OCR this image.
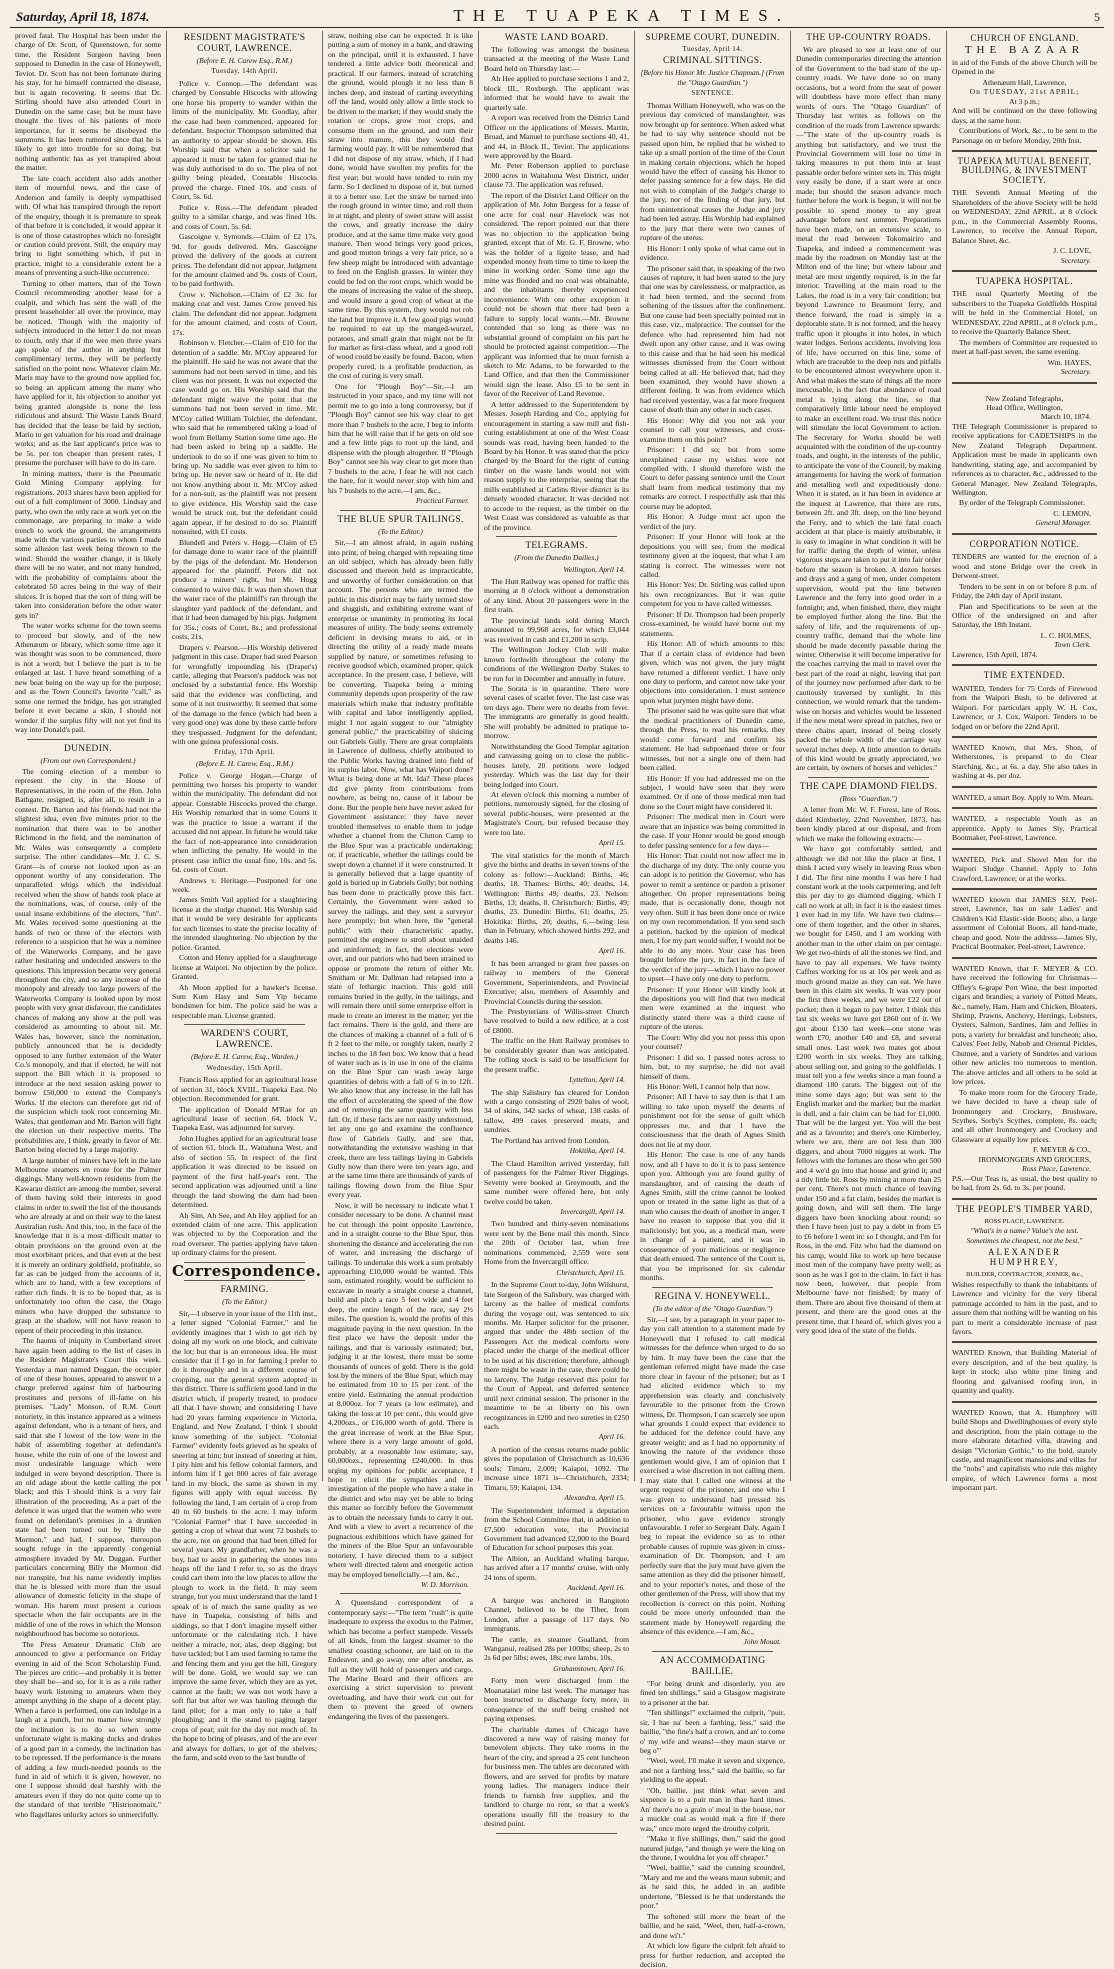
Saturday, April 18, 1874.	THE TUAPEKA TIMES.	5

proved fatal. The Hospital has been under the charge of Dr. Scott, of Queenstown, for some time, the Resident Surgeon having been supposed to Dunedin in the case of Honeywell, Teviot. Dr. Scott has not been fortunate during his stay, for he himself contracted the disease, but is again recovering. It seems that Dr. Stirling should have also attended Court in Dunedin on the same case; but he must have thought the lives of his patients of more importance, for it seems he disobeyed the summons. It has been rumored since that he is likely to get into trouble for so doing, but nothing authentic has as yet transpired about the matter.

The late coach accident also adds another item of mournful news, and the case of Anderson and family is deeply sympathised with. Of what has transpired through the report of the enquiry, though it is premature to speak of that before it is concluded, it would appear it is one of those catastrophes which no foresight or caution could prevent. Still, the enquiry may bring to light something which, if put in practice, might to a considerable extent be a means of preventing a such-like occurrence.

Turning to other matters, that of the Town Council recommending another lease for a coalpit, and which has sent the wall of the present leaseholder all over the province, may be noticed. Though with the majority of subjects introduced in the letter I do not mean to touch, only that if the wee men three years ago spoke of the author in anything but complimentary terms, they will be perfectly satisfied on the point now. Whatever claim Mr. Maris may have to the ground now applied for, so being an applicant among the many who have applied for it, his objection to another yet being granted alongside is none the less ridiculous and absurd. The Waste Lands Board has decided that the lease be laid by section, Mario to get valuation for his road and drainage works; and as the last applicant's price was to be 5s. per ton cheaper than present rates, I presume the purchaser will have to do its care.

In mining matters, there is the Pneumatic Gold Mining Company applying for registrations. 2013 shares have been applied for out of a full compliment of 3000. Lindsay and party, who own the only race at work yet on the commonage, are preparing to make a wide trench to work the ground, the arrangements made with the various parties to whom I made some allusion last week being thrown to the wind. Should the weather change, it is likely there will be no water, and not many hundred, with the probability of complaints about the celebrated 50 acres being in the way of their sluices. It is hoped that the sort of thing will be taken into consideration before the other water gets in?

The water works scheme for the town seems to proceed but slowly, and of the new Athenæum or library, which some time ago it was thought was soon to be commenced, there is not a word; but I believe the part is to be enlarged at last. I have heard something of a new boat being on the way up for the purpose; and as the Town Council's favorite "call," as some one termed the bridge, has got strangled before it ever became a skin, I should not wonder if the surplus fifty will not yet find its way into Donald's pail.

DUNEDIN.
(From our own Correspondent.)

The coming election of a member to represent the city in the House of Representatives, in the room of the Hon. John Bathgate, resigned, is, after all, to result in a contest. Dr. Barton and his friends had not the slightest idea, even five minutes prior to the nomination that there was to be another Richmond in the field, and the nomination of Mr. Wales was consequently a complete surprise. The other candidates—Mr. J. C. S. Grant—is of course not looked upon as an opponent worthy of any consideration. The unparalleled whigs which the individual received when the show of hands took place at the nominations, was, of course, only of the usual insane exhibitions of the electors, "fun". Mr. Wales received some questioning at the hands of two or three of the electors with reference to a suspicion that he was a nominee of the Waterworks Company, and he gave rather hesitating and undecided answers to the questions. This impression became very general throughout the city, and so any increase of the monopoly and already too large powers of the Waterworks Company is looked upon by most people with very great disfavour, the candidates chances of making any show at the poll was considered as amounting to about nil. Mr. Wales has, however, since the nomination, publicly announced that he is decidedly opposed to any further extension of the Water Co.'s monopoly, and that if elected, he will not support the Bill which it is proposed to introduce at the next session asking power to borrow £50,000 to extend the Company's Works. If the electors can therefore get rid of the suspicion which took root concerning Mr. Wales, that gentleman and Mr. Barton will fight the election on their respective merits. The probabilities are, I think, greatly in favor of Mr. Barton being elected by a large majority.

A large number of miners have left in the late Melbourne steamers en route for the Palmer diggings. Many well-known residents from the Kawarau district are among the number, several of them having sold their interests in good claims in order to swell the list of the thousands who are already at and on their way to the latest Australian rush. And this, too, in the face of the knowledge that it is a most difficult matter to obtain provisions on the ground even at the most exorbitant prices, and that even at the best it is merely an ordinary goldfield, profitable, so far as can be judged from the accounts of it, which are to hand, with a few exceptions of rather rich finds. It is to be hoped that, as is unfortunately too often the case, the Otago miners who have dropped the substance to grasp at the shadow, will not have reason to repent of their proceeding in this instance.

The haunts of iniquity in Cumberland street have again been adding to the list of cases in the Resident Magistrate's Court this week. Yesterday a man named Duggan, the occupier of one of these houses, appeared to answer to a charge preferred against him of harbouring prostitutes and persons of ill-fame on his premises. "Lady" Monson, of R.M. Court notoriety, in this instance appeared as a witness against defendant, who is a tenant of hers, and said that she I lowest of the low were in the habit of assembling together at defendant's house, while the ruin of one of the lowest and most undesirable language which were indulged in were beyond description. There is an old adage about the kettle calling the pot black; and this I should think is a very fair illustration of the proceeding. As a part of the defence it was urged that the women who were found on defendant's premises in a drunken state had been turned out by "Billy the Mormon," and had, I suppose, thereupon sought refuge in the apparently congenial atmosphere invaded by Mr. Duggan. Further particulars concerning Billy the Mormon did not transpire, but his name evidently implies that he is blessed with more than the usual allowance of domestic felicity in the shape of woman. His harem must present a curious spectacle when the fair occupants are in the middle of one of the rows in which the Monson neighbourhood has become so notorious.

The Press Amateur Dramatic Club are announced to give a performance on Friday evening in aid of the Scott Scholarship Fund. The pieces are critic—and probably it is better they shall be—and so, for it is as a rule rather heavy work listening to amateurs when they attempt anything in the shape of a decent play. When a farce is performed, one can indulge in a laugh at a punch, but no matter how strongly the inclination is to do so when some unfortunate wight is making ducks and drakes of a good part in a comedy, the inclination has to be repressed. If the performance is the means of adding a few much-needed pounds to the fund in aid of which it is given, however, no one I suppose should deal harshly with the amateurs even if they do not quite come up to the standard of that terrible "Histrionomaix," who flagellates unlucky actors so unmercifully.

RESIDENT MAGISTRATE'S COURT, LAWRENCE.
(Before E. H. Carew Esq., R.M.)
Tuesday, 14th April.

Police v. Connop.—The defendant was charged by Constable Hiscocks with allowing one horse his property to wander within the limits of the municipality. Mr. Goodlay, after the case had been commenced, appeared for defendant. Inspector Thompson submitted that an authority to appear should be shown. His Worship said that when a solicitor said he appeared it must be taken for granted that he was duly authorised to do so. The plea of not guilty being pleaded, Constable Hiscocks proved the charge. Fined 10s. and costs of Court, 5s. 6d.

Police v. Ross.—The defendant pleaded guilty to a similar charge, and was fined 10s. and costs of Court, 5s. 6d.

Gascoigne v. Symonds.—Claim of £2 17s. 9d. for goods delivered. Mrs. Gascoigne proved the delivery of the goods at current prices. The defendant did not appear. Judgment for the amount claimed and 9s. costs of Court, to be paid forthwith.

Crow v. Nicholson.—Claim of £2 3s. for making coat and vest. James Crow proved his claim. The defendant did not appear. Judgment for the amount claimed, and costs of Court, 17s.

Robinson v. Fletcher.—Claim of £10 for the detention of a saddle. Mr. M'Coy appeared for the plaintiff. He said he was not aware that the summons had not been served in time, and his client was not present. It was not expected the case would go on. His Worship said that the defendant might waive the point that the summons had not been served in time. Mr. M'Coy called William Tolchier, the defendant, who said that he remembered taking a load of wool from Bellamy Station some time ago. He had been asked to bring up a saddle. He undertook to do so if one was given to him to bring up. No saddle was ever given to him to bring up. He never saw or heard of it. He did not know anything about it. Mr. M'Coy asked for a non-suit, as the plaintiff was not present to give evidence. His Worship said the case would be struck out, but the defendant could again appear, if he desired to do so. Plaintiff nonsuited, with £1 costs.

Blundell and Peters v. Hogg.—Claim of £5 for damage done to water race of the plaintiff by the pigs of the defendant. Mr. Henderson appeared for the plaintiff. Peters did not produce a miners' right, but Mr. Hogg consented to waive this. It was then shown that the water race of the plaintiff's ran through the slaughter yard paddock of the defendant, and that it had been damaged by his pigs. Judgment for 35s.; costs of Court, 8s.; and professional costs, 21s.

Drapers v. Pearson.—His Worship delivered judgment in this case. Draper had sued Pearson for wrongfully impounding his (Draper's) cattle, alleging that Pearson's paddock was not enclosed by a substantial fence. His Worship said that the evidence was conflicting, and some of it not trustworthy. It seemed that some of the damage to the fence (which had been a very good one) was done by these cattle before they trespassed. Judgment for the defendant, with one guinea professional costs.

Friday, 17th April.
(Before E. H. Carew, Esq., R.M.)

Police v. George Hogan.—Charge of permitting two horses his property to wander within the municipality. The defendant did not appear. Constable Hiscocks proved the charge. His Worship remarked that in some Courts it was the practice to issue a warrant if the accused did not appear. In future he would take the fact of non-appearance into consideration when inflicting the penalty. He would in the present case inflict the usual fine, 10s. and 5s. 6d. costs of Court.

Andrews v. Heritage.—Postponed for one week.

James Smith Vail applied for a slaughtering license at the sludge channel. His Worship said that it would be very desirable for applicants for such licenses to state the precise locality of the intended slaughtering. No objection by the police. Granted.

Cotton and Henry applied for a slaughterage license at Waipori. No objection by the police. Granted.

Ah Moon applied for a hawker's license. Sum Kum Hasy and Sum Yip became bondsmen for him. The police said he was a respectable man. License granted.

WARDEN'S COURT, LAWRENCE.
(Before E. H. Carew, Esq., Warden.)
Wednesday, 15th April.

Francis Ross applied for an agricultural lease of section 31, block XVIII., Tuapeka East. No objection. Recommended for grant.

The application of Donald M'Rae for an agricultural lease of section 64, block V., Tuapeka East, was adjourned for survey.

John Hughes applied for an agricultural lease of section 61, block II., Waitahuna West, and also of section 55. In respect of the first application it was directed to be issued on payment of the first half-year's rent. The second application was adjourned until a line through the land showing the dam had been determined.

Ah Sim, Ah See, and Ah Hey applied for an extended claim of one acre. This application was objected to by the Corporation and the road overseer. The parties applying have taken up ordinary claims for the present.

Correspondence.
FARMING.
(To the Editor.)

Sir,—I observe in your issue of the 11th inst., a letter signed "Colonial Farmer," and he evidently imagines that I wish to get rich by doing all my work on one block, and cultivate the lot; but that is an erroneous idea. He must consider that if I go in for farming I prefer to do it thoroughly and in a different course of cropping, not the general system adopted in this district. There is sufficient good land in the district which, if properly treated, to produce all that I have shown; and considering I have had 20 years farming experience in Victoria, England, and New Zealand, I think I should know something of the subject. "Colonial Farmer" evidently feels grieved as he speaks of sneering at him; but instead of sneering at him, I pity him and his fellow colonial farmers, and inform him if I get 800 acres of fair average land in my block, the same as shown in my figures will apply with equal success. By following the land, I am certain of a crop from 40 to 60 bushels to the acre. I may inform "Colonial Farmer" that I have succeeded in getting a crop of wheat that went 72 bushels to the acre, not on ground that had been tilled for several years. My grandfather, when he was a boy, had to assist in gathering the stones into heaps off the land I refer to, so as the drays could cart them into the low places to allow the plough to work in the field. It may seem strange, but you must understand that the land I speak of is of much the same quality as we have in Tuapeka, consisting of hills and siddings, so that I don't imagine myself either unfortunate or the calculating rich. I have neither a miracle, nor, alas, deep digging; but have tackled; but I am used farming to tame the and fencing them and you get the hill, Gregory will be done. Gold, we would say we can improve the same fever, which they are as yet, cannot at the fault; we was not work have a soft flat but after we was hauling through the land pilot; for a man only to take a half ploughing; and it the stand to paging larger crops of peat; suit for the day not much of. In the hope to bring of pleases, and of the are ever and always for dollars, to get of the shelves; the farm, and sold even to the last bundle of

straw, nothing else can be expected. It is like putting a sum of money in a bank, and drawing on the principal, until it is exhausted. I have tendered a little advice both theoretical and practical. If our farmers, instead of scratching the ground, would plough it no less than 8 inches deep, and instead of carting everything off the land, would only allow a little stock to be driven to the market; if they would study the rotation or crops, grow root crops, and consume them on the ground, and turn their straw into manure, this they would find farming would pay. It will be remembered that I did not dispose of my straw, which, if I had done, would have swollen my profits for the first year; but would have tended to ruin my farm. So I declined to dispose of it, but turned it to a better use. Let the straw be turned into the rough ground in winter time, and roll them in at night, and plenty of sweet straw will assist the cows, and greatly increase the dairy produce, and at the same time make very good manure. Then wood brings very good prices, and good mutton brings a very fair price, so a few sheep might be introduced with advantage to feed on the English grasses. In winter they could be fed on the root crops, which would be the means of increasing the value of the sheep, and would insure a good crop of wheat at the same time. By this system, they would not rob the land but improve it. A few good pigs would be required to eat up the manged-wurzel, potatoes, and small grain that might not be fit for market as first-class wheat, and a good roll of wood could be easily be found. Bacon, when properly cured, is a profitable production, as the cost of curing is very small.

One for "Plough Boy"—Sir,—I am instructed in your space, and my time will not permit me to go into a long controversy, but if "Plough Boy" cannot see his way clear to get more than 7 bushels to the acre, I beg to inform him that he will raise that if he gets on old soe and a few little pigs to root up the land, and dispense with the plough altogether. If "Plough Boy" cannot see his way clear to get more than 7 bushels to the acre, I fear he will not catch the hare, for it would never stop with him and his 7 bushels to the acre.—I am, &c.,

Practical Farmer.
THE BLUE SPUR TAILINGS.
(To the Editor.)

Sir,—I am almost afraid, in again rushing into print, of being charged with repeating time an old subject, which has already been fully discussed and thereon held as impracticable, and unworthy of further consideration on that account. The persons who are termed the public in this district may be fairly termed slow and sluggish, and exhibiting extreme want of enterprise or unanimity in promoting its local measures of utility. The body seems extremely deficient in devising means to aid, or in directing the utility of a ready made means supplied by nature, or sometimes refusing to receive goodsof which, examined proper, quick acceptance. In the present case, I believe, will be converting. Tuapeka being a mining community depends upon prosperity of the raw materials which make that industry profitable with capital and labor intelligently applied, might I not again suggest to our "almighty general public," the practicability of sluicing out Gabriels Gully. There are great complaints in Lawrence of dullness, chiefly attributed to the Public Works having drained into field of its surplus labor. Now, what has Waipori done? What is being done at Mt. Ida? These places did give plenty from contributions from nowhere, as being no, cause of it labour be done. But the people here have never asked for Government assistance: they have never troubled themselves to enable them to judge whether a channel from the Clutton Camp to the Blue Spur was a practicable undertaking; or, if practicable, whether the tailings could be swept down a channel if it were constructed. It is generally believed that a large quantity of gold is buried up in Gabriels Gully; but nothing has been done to practically prove this fact. Certainly, the Government were asked to survey the tailings, and they sent a surveyor here promptly; but when here, the "general public" with their characteristic apathy, permitted the engineer to stroll about unaided and uninformed; in fact, the elections were over, and our patriots who had been strained to oppose or promote the return of either Mr. Smitham or Mr. Dallman had relapsed into a state of lethargic inaction. This gold still remains buried in the gully, in the tailings, and will remain there until some enterprise effort is made to create an interest in the matter; yet the fact remains. There is the gold, and there are the chances of making a channel of a full of 6 ft 2 feet to the mile, or roughly taken, nearly 2 inches to the 18 feet box. We know that a head of water such as is in use in one of the claims on the Blue Spur can wash away large quantities of debris with a fall of 6 in to 12ft. We also know that any increase in the fall has the effect of accelerating the speed of the flow and of removing the same quantity with less fall. Or, if these facts are not easily understood, let any one go and examine the confluence flow of Gabriels Gully, and see that, notwithstanding the extensive washing in that creek, there are less tailings laying in Gabriels Gully now than there were ten years ago, and at the same time there are thousands of yards of tailings flowing down from the Blue Spur every year.

Now, it will be necessary to indicate what I consider necessary to be done. A channel must be cut through the point opposite Lawrence, and in a straight course to the Blue Spur, thus shortening the distance and accelerating the run of water, and increasing the discharge of tailings. To undertake this work a sum probably approaching £10,000 would be wanted. This sum, estimated roughly, would be sufficient to excavate in nearly a straight course a channel, build and pitch a race 5 feet wide and 4 feet deep, the entire length of the race, say 2½ miles. The question is, would the profits of this magnitude paying in the next question. In the first place we have the deposit under the tailings, and that is variously estimated; but, judging it at the lowest, there must be some thousands of ounces of gold. There is the gold lost by the miners of the Blue Spur, which may be estimated from 10 to 15 per cent. of the entire yield. Estimating the annual production at 8,000oz. for 7 years (a low estimate), and taking the loss at 10 per cent., this would give 4,200ozs., or £16,000 worth of gold. There is the great increase of work at the Blue Spur, where there is a very large amount of gold, probably, at a reasonable low estimate, say, 60,000ozs., representing £240,000. In thus urging my opinions for public acceptance, I hope to elicit the sympathies and the investigation of the people who have a stake in the district and who may yet be able to bring this matter so forcibly before the Government as to obtain the necessary funds to carry it out. And with a view to avert a recurrence of the pugnacious exhibitions which have gained for the miners of the Blue Spur an unfavourable notoriety, I have directed them to a subject where well directed talent and energetic action may be employed beneficially.—I am, &c.,

W. D. Morrison.

A Queensland correspondent of a contemporary says:—"The term "rush" is quite inadequate to express the exodus to the Palmer, which has become a perfect stampede. Vessels of all kinds, from the largest steamer to the smallest coasting schooner, are laid on to the Endeavor, and go away, one after another, as full as they will hold of passengers and cargo. The Marine Board and their officers are exercising a strict supervision to prevent overloading, and have their work cut out for them to prevent the greed of owners endangering the lives of the passengers.

WASTE LAND BOARD.

The following was amongst the business transacted at the meeting of the Waste Land Board held on Thursday last:—

Ah Hee applied to purchase sections 1 and 2, block III., Roxburgh. The applicant was informed that he would have to await the quarterly sale.

A report was received from the District Land Officer on the applications of Messrs. Martin, Broad, and Manuel to purchase sections 40, 41, and 44, in Block II., Teviot. The applications were approved by the Board.

Mr. Peter Robertson applied to purchase 2000 acres in Waitahuna West District, under clause 73. The application was refused.

The report of the District Land Officer on the application of Mr. John Burgess for a lease of one acre for coal near Havelock was not considered. The report pointed out that there was no objection to the application being granted, except that of Mr. G. F. Browne, who was the holder of a lignite lease, and had expended money from time to time to keep the mine in working order. Some time ago the mine was flooded and no coal was obtainable, and the inhabitants thereby experienced inconvenience. With one other exception it could not be shown that there had been a failure to supply local wants.—Mr. Browne contended that so long as there was no substantial ground of complaint on his part he should be protected against competition.—The applicant was informed that he must furnish a sketch to Mr. Adams, to be forwarded to the Land Office, and that then the Commissioner would sign the lease. Also £5 to be sent in favor of the Receiver of Land Revenue.

A letter addressed to the Superintendent by Messrs. Joseph Harding and Co., applying for encouragement in starting a saw mill and fish-curing establishment at one of the West Coast sounds was read, having been handed to the Board by his Honor. It was stated that the price charged by the Board for the right of cutting timber on the waste lands would not with reason supply to the enterprise, seeing that the mills established at Catlins River district is its densely wooded character. It was decided not to accede to the request, as the timber on the West Coast was considered as valuable as that of the province.

TELEGRAMS.
(From the Dunedin Dailies.)
Wellington, April 14.

The Hutt Railway was opened for traffic this morning at 8 o'clock without a demonstration of any kind. About 20 passengers were in the first train.

The provincial lands sold during March amounted to 99,968 acres, for which £3,044 was received in cash and £1,200 in scrip.

The Wellington Jockey Club will make known forthwith throughout the colony the conditions of the Wellington Derby Stakes to be run for in December and annually in future.

The Sorata is in quarantine. There were several cases of scarlet fever. The last case was ten days ago. There were no deaths from fever. The immigrants are generally in good health. She will probably be admitted to pratique to-morrow.

Notwithstanding the Good Templar agitation and canvassing going on to close the public-houses lately, 20 petitions were lodged yesterday. Which was the last day for their being lodged into Court.

At eleven o'clock this morning a number of petitions, numerously signed, for the closing of several public-houses, were presented at the Magistrate's Court, but refused because they were too late.

April 15.

The vital statistics for the month of March give the births and deaths in seven towns of the colony as follow:—Auckland: Births, 46; deaths, 18. Thames: Births, 40; deaths, 14. Wellington: Births 49; deaths, 23. Nelson: Births, 13; deaths, 8. Christchurch: Births, 49; deaths, 23. Dunedin: Births, 61; deaths, 25. Hokitika: Births, 20; deaths, 6.—being less than in February, which showed births 292, and deaths 146.

April 16.

It has been arranged to grant free passes on railway to members of the General Government, Superintendents, and Provincial Executive; also, members of Assembly and Provincial Councils during the session.

The Presbyterians of Willis-street Church have resolved to build a new edifice, at a cost of £8000.

The traffic on the Hutt Railway promises to be considerably greater than was anticipated. The rolling stock is said to be insufficient for the present traffic.

Lyttelton, April 14.

The ship Salisbury has cleared for London with a cargo consisting of 2920 bales of wool, 34 of skins, 342 sacks of wheat, 138 casks of tallow, 499 cases preserved meats, and sundries.

The Portland has arrived from London.

Hokitika, April 14.

The Claud Hamilton arrived yesterday, full of passengers for the Palmer River Diggings. Seventy were booked at Greymouth, and the same number were offered here, but only twelve could be taken.

Invercargill, April 14.

Two hundred and thirty-seven nominations were sent by the Bene mail this month. Since the 20th of October last, when free nominations commenced, 2,559 were sent Home from the Invercargill office.

Christchurch, April 15.

In the Supreme Court to-day, John Wilshurst, late Surgeon of the Salisbury, was charged with larceny as the bailee of medical comforts during the voyage out, was sentenced to six months. Mr. Harper solicitor for the prisoner, argued that under the 48th section of the Passengers Act the medical comforts were placed under the charge of the medical officer to be used at his discretion; therefore, although there might be waste in the case, there could be no larceny. The Judge reserved this point for the Court of Appeal, and deferred sentence until next criminal session. The prisoner in the meantime to be at liberty on his own recognizances in £200 and two sureties in £250 each.

April 16.

A portion of the census returns made public gives the population of Christchurch as 10,636 souls; Timaru, 2,009; Kaiapoi, 1092. The increase since 1871 is—Christchurch, 2334; Timaru, 59; Kaiapoi, 134.

Alexandra, April 15.

The Superintendent informed a deputation from the School Committee that, in addition to £7,500 education vote, the Provincial Government had advanced £2,000 to the Board of Education for school purposes this year.

The Albion, an Auckland whaling barque, has arrived after a 17 months' cruise, with only 24 tons of sperm.

Auckland, April 16.

A barque was anchored in Rangitoto Channel, believed to be the Tiber, from London, after a passage of 117 days. No immigrants.

The cattle, ex steamer Goalland, from Wanganui, realised 28s per 100lbs; sheep, 2s to 2s 6d per 5lbs; ewes, 18s; ewe lambs, 10s.

Grahamstown, April 16.

Forty men were discharged from the Moanataiari mine last week. The manager has been instructed to discharge forty more, in consequence of the stuff being crushed not paying expenses.

The charitable dames of Chicago have discovered a new way of raising money for benevolent objects. They take rooms in the heart of the city, and spread a 25 cent luncheon for business men. The tables are decorated with flowers, and are served for profits by mature young ladies. The managers induce their friends to furnish free supplies, and the landlord to charge no rent, so that a week's operations usually fill the treasury to the desired point.

SUPREME COURT, DUNEDIN.
Tuesday, April 14.
CRIMINAL SITTINGS.
[Before his Honor Mr. Justice Chapman.] (From the "Otago Guardian.")
SENTENCE.

Thomas William Honeywell, who was on the previous day convicted of manslaughter, was now brought up for sentence. When asked what he had to say why sentence should not be passed upon him, he replied that he wished to take up a small portion of the time of the Court in making certain objections, which he hoped would have the effect of causing his Honor to defer passing sentence for a few days. He did not wish to complain of the Judge's charge to the jury, nor of the finding of that jury, but from unintentional causes the Judge and jury had been led astray. His Worship had explained to the jury that there were two causes of rupture of the uterus.

His Honor: I only spoke of what came out in evidence.

The prisoner said that, in speaking of the two causes of rupture, it had been stated to the jury that one was by carelessness, or malpractice, as it had been termed, and the second from softening of the tissues after the confinement. But one cause had been specially pointed out in this case, viz., malpractice. The counsel for the defence who had represented him had not dwelt upon any other cause, and it was owing to this cause and that he had seen his medical witnesses dismissed from the Court without being called at all. He believed that, had they been examined, they would have shown a different feeling. It was from evidence which had received yesterday, was a far more frequent cause of death than any other in such cases.

His Honor: Why did you not ask your counsel to call your witnesses, and cross-examine them on this point?

Prisoner: I did so; but from some unexplained cause my wishes were not complied with. I should therefore wish the Court to defer passing sentence until the Court shall learn from medical testimony that my remarks are correct. I respectfully ask that this course may be adopted.

His Honor: A Judge must act upon the verdict of the jury.

Prisoner: If your Honor will look at the depositions you will see, from the medical testimony given at the inquest, that what I am stating is correct. The witnesses were not called.

His Honor: Yes; Dr. Stirling was called upon his own recognizances. But it was quite competent for you to have called witnesses.

Prisoner: If Dr. Thompson had been properly cross-examined, he would have borne out my statements.

His Honor: All of which amounts to this: That if a certain class of evidence had been given, which was not given, the jury might have returned a different verdict. I have only one duty to perform, and cannot now take your objections into consideration. I must sentence upon what jurymen might have done.

The prisoner said he was quite sure that what the medical practitioners of Dunedin came, through the Press, to read his remarks, they would come forward and confirm his statement. He had subpoenaed three or four witnesses, but not a single one of them had been called.

His Honor: If you had addressed me on the subject, I would have seen that they were examined. Or if one of those medical men had done so the Court might have considered it.

Prisoner: The medical men in Court were aware that an injustice was being committed in the case. If your Honor would be good enough to defer passing sentence for a few days—

His Honor: That could not now affect me in the discharge of my duty. The only course you can adopt is to petition the Governor, who has power to remit a sentence or pardon a prisoner altogether. On proper representations being made, that is occasionally done, though not very often. Still it has been done once or twice on my own recommendation. If you send such a petition, backed by the opinion of medical men, I for my part would suffer, I would not be able to do any more. Your case has been brought before the jury, in fact in the face of the verdict of the jury—which I have no power to upset—I have only one duty to perform.

Prisoner: If your Honor will kindly look at the depositions you will find that two medical men were examined at the inquest who distinctly stated there was a third cause of rupture of the uterus.

The Court: Why did you not press this upon your counsel?

Prisoner: I did so. I passed notes across to him, but, to my surprise, he did not avail himself of them.

His Honor: Well, I cannot help that now.

Prisoner: All I have to say then is that I am willing to take upon myself the deserts of punishment not for the sense of guilt which oppresses me, and that I have the consciousness that the death of Agnes Smith does not lie at my door.

His Honor: The case is one of any hands now, and all I have to do it is to pass sentence upon you. Although you are found guilty of manslaughter, and of causing the death of Agnes Smith, still the crime cannot be looked upon or treated in the same light as that of a man who causes the death of another in anger. I have no reason to suppose that you did it maliciously; but you, as a medical man, were in charge of a patient, and it was in consequence of your malicious or negligence that death ensued. The sentence of the Court is, that you be imprisoned for six calendar months.

REGINA V. HONEYWELL.
(To the editor of the "Otago Guardian.")

Sir,—I see, by a paragraph in your paper to-day you call attention to a statement made by Honeywell that I refused to call medical witnesses for the defence when urged to do so by him. It may have been the case that the gentleman referred might have made the case more clear in favour of the prisoner; but as I had elicited evidence which to my apprehension was clearly and conclusively favourable to the prisoner from the Crown witness, Dr. Thompson, I can scarcely see upon what grounds I could expect that evidence to be adduced for the defence could have any greater weight; and as I had no opportunity of knowing the nature of the evidence those gentlemen would give, I am of opinion that I exercised a wise discretion in not calling them. I may state that I called one witness at the urgent request of the prisoner, and one who I was given to understand had pressed his services on a favourable witness upon the prisoner, who gave evidence strongly unfavourable. I refer to Sergeant Daly. Again I beg to repeat the evidence so as to other probable causes of rupture was given in cross-examination of Dr. Thompson, and I am perfectly sure that the jury must have given the same attention as they did the prisoner himself, and to your reporter's notes, and those of the other gentlemen of the Press, will show that my recollection is correct on this point. Nothing could be more utterly unfounded than the statement made by Honeywell regarding the absence of this evidence.—I am, &c.,

John Mouat.
AN ACCOMMODATING BAILLIE.

"For being drunk and disorderly, you are fined ten shillings," said a Glasgow magistrate to a prisoner at the bar.

"Ten shillings!" exclaimed the culprit, "puir, sir, I hae na' been a farthing, less," said the baillie, "the fine's half a crown, and an' to come o' my wife and weans!—they maun starve or beg o'"

"Weel, weel, I'll make it seven and sixpence, and not a farthing less," said the baillie, so far yielding to the appeal.

"Oh, baillie, just think what seven and sixpence is to a puir man in thae hard times. An' there's no a grain o' meal in the house, nor a muckle coal as would mak a fire if there was," once more urged the drouthy culprit.

"Make it five shillings, then," said the good natured judge, "and though ye were the king on the throne, I wouldna let you off cheaper."

"Weel, baillie," said the cunning scoundrel, "Mary and me and the weans maun submit; and as he said this, he added in an audible undertone, "Blessed is he that understands the poor."

The softened still more the heart of the baillie, and he said, "Weel, then, half-a-crown, and done wi't."

At which low figure the culprit felt afraid to press for further reduction, and accepted the decision.

THE UP-COUNTRY ROADS.

We are pleased to see at least one of our Dunedin contemporaries directing the attention of the Government to the bad state of the up-country roads. We have done so on many occasions, but a word from the seat of power will doubtless have more effect than many words of ours. The "Otago Guardian" of Thursday last writes as follows on the condition of the roads from Lawrence upwards:—"The state of the up-country roads is anything but satisfactory, and we trust the Provincial Government will lose no time in taking measures to put them into at least passable order before winter sets in. This might very easily be done, if a start were at once made; but should the season advance much further before the work is begun, it will not be possible to spend money to any great advantage before next summer. Preparations have been made, on an extensive scale, to metal the road between Tokomairiro and Tuapeka, and indeed a commencement was made by the roadmen on Monday last at the Milton end of the line; but where labour and metal are most urgently required, is in the far interior. Travelling at the main road to the Lakes, the road is in a very fair condition; but beyond Lawrence to Beaumont ferry, and thence forward, the road is simply in a deplorable state. It is not formed, and the heavy traffic upon it ploughs it into holes, in which water lodges. Serious accidents, involving loss of life, have occurred on this line, some of which are traceable to the deep ruts and pitfalls to be encountered almost everywhere upon it. And what makes the state of things all the more inexcusable, is the fact that abundance of road metal is lying along the line, so that comparatively little labour need be employed to make an excellent road. We trust this notice will stimulate the local Government to action. The Secretary for Works should be well acquainted with the condition of the up-country roads, and ought, in the interests of the public, to anticipate the vote of the Council, by making arrangements for having the work of formation and metalling well and expeditiously done. When it is stated, as it has been in evidence at the inquest at Lawrence, that there are ruts, between 2ft. and 3ft. deep, on the line beyond the Ferry, and to which the late fatal coach accident at that place is mainly attributable, it is easy to imagine in what condition it will be for traffic during the depth of winter, unless vigorous steps are taken to put it into fair order before the season is broken. A dozen horses and drays and a gang of men, under competent supervision, would put the line between Lawrence and the ferry into good order in a fortnight; and, when finished, there, they might be employed further along the line. But the safety of life, and the requirements of up-country traffic, demand that the whole line should be made decently passable during the winter. Otherwise it will become imperative for the coaches carrying the mail to travel over the best part of the road at night, leaving that part of the journey now performed after dark to be cautiously traversed by sunlight. In this connection, we would remark that the tandem-wise on horses and vehicles would be lessened if the new metal were spread in patches, two or three chains apart, instead of being closely packed the whole width of the carriage way several inches deep. A little attention to details of this kind would be greatly appreciated, we are certain, by owners of horses and vehicles."

THE CAPE DIAMOND FIELDS.
(Ross "Guardian.")

A letter from Mr. W. F. Forest, late of Ross, dated Kimberley, 22nd November, 1873, has been kindly placed at our disposal, and from which we make the following extracts:—

We have got comfortably settled, and although we did not like the place at first, I think I acted very wisely in leaving Ross when I did. The first nine months I was here I had constant work at the tools carpentering, and left this per day to go diamond digging, which I call no work at all; in fact it is the easiest times I ever had in my life. We have two claims—one of them together, and the other in shares, we bought for £450, and I am working with another man in the other claim on per centage. We get two-thirds of all the stones we find, and have to pay all expenses. We have twenty Caffres working for us at 10s per week and as much ground maize as they can eat. We have been in this claim six weeks. It was very poor the first three weeks, and we were £22 out of pocket; then it began to pay better. I think this last six weeks we have got £860 out of it. We got about £130 last week—one stone was worth £70, another £40 and £8, and several small ones. Last week two mates got about £200 worth in six weeks. They are talking about selling out, and going to the goldfields. I must tell you a few weeks since a man found a diamond 180 carats. The biggest out of the mine some days ago; but was sent to the English market and the market; but the market is dull, and a fair claim can be had for £1,000. That will be the largest yet. You will the best and as a favourite; and there's one Kimberley, where we are, there are not less than 300 diggers, and about 7000 niggers at work. The fellows with the fortunes are those who get 500 and 4 we'd go into that house and grind it; and a tidy little bit. Ross by mining at more than 25 per cent. There's not much chance of leaving under 150 and a fat claim, besides the market is going down, and will sell them. The large diggers have been knocking about round; so then I have been just to pay a debt in from £5 to £6 before I went in: so I thought, and I'm for Ross, in the end. Fitz who had the diamond on his camp, would like to work up here because most men of the company have pretty well; as soon as he was I got to the claim. In fact it has now been, however, that people from Melbourne have not finished; by many of them. There are about five thousand of them at present, and there are the good ones at the present time, that I heard of, which gives you a very good idea of the state of the fields.

CHURCH OF ENGLAND.
THE BAZAAR

in aid of the Funds of the above Church will be Opened in the

Athenæum Hall, Lawrence,
On TUESDAY, 21st APRIL;
At 3 p.m.;

And will be continued on the three following days, at the same hour.

Contributions of Work, &c., to be sent to the Parsonage on or before Monday, 20th Inst.

TUAPEKA MUTUAL BENEFIT, BUILDING, & INVESTMENT SOCIETY.

THE Seventh Annual Meeting of the Shareholders of the above Society will be held on WEDNESDAY, 22nd APRIL, at 8 o'clock p.m., in the Commercial Assembly Rooms, Lawrence, to receive the Annual Report, Balance Sheet, &c.

J. C. LOVE,
Secretary.
TUAPEKA HOSPITAL.

THE usual Quarterly Meeting of the subscribers to the Tuapeka Goldfields Hospital will be held in the Commercial Hotel, on WEDNESDAY, 22nd APRIL, at 8 o'clock p.m., to receive the Quarterly Balance Sheet.

The members of Committee are requested to meet at half-past seven, the same evening.

Wm. HAYES,
Secretary.
New Zealand Telegraphs,
Head Office, Wellington,
March 10, 1874.

THE Telegraph Commissioner is prepared to receive applications for CADETSHIPS in the New Zealand Telegraph Department. Application must be made in applicants own handwriting, stating age, and accompanied by references as to character, &c., addressed to the General Manager, New Zealand Telegraphs, Wellington.

By order of the Telegraph Commissioner.

C. LEMON,
General Manager.
CORPORATION NOTICE.

TENDERS are wanted for the erection of a wood and stone Bridge over the creek in Derwent-street.

Tenders to be sent in on or before 8 p.m. of Friday, the 24th day of April instant.

Plan and Specifications to be seen at the Office of the undersigned on and after Saturday, the 18th Instant.

L. C. HOLMES,
Town Clerk.

Lawrence, 15th April, 1874.

TIME EXTENDED.

WANTED, Tenders for 75 Cords of Firewood from the Waipori Bush, to be delivered at Waipori. For particulars apply W. H. Cox, Lawrence; or J. Cox, Waipori. Tenders to be lodged on or before the 22nd April.

WANTED Known, that Mrs. Shon, of Wetherstones, is prepared to do Clear Starching, &c., at 6s. a day. She also takes in washing at 4s. per doz.

WANTED, a smart Boy. Apply to Wm. Mears.

WANTED, a respectable Youth as an apprentice. Apply to James Sly, Practical Bootmaker, Peel-street, Lawrence.

WANTED, Pick and Shovel Men for the Waipori Sludge Channel. Apply to John Crawford, Lawrence; or at the works.

WANTED known that JAMES SLY, Peel-street, Lawrence, has on sale Ladies' and Children's Kid Elastic-side Boots; also, a large assortment of Colonial Boots, all hand-made, cheap and good. Note the address—James Sly, Practical Bootmaker, Peel-street, Lawrence.

WANTED Known, that F. MEYER & CO. have received the following for Christmas—Offley's 6-grape Port Wine, the best imported cigars and brandies; a variety of Potted Meats, &c., namely, Ham, Ham and Chicken, Bloaters, Shrimp, Prawns, Anchovy, Herrings, Lobsters, Oysters, Salmon, Sardines, Jam and Jellies in pots, a variety for breakfast and luncheon; also, Calves' Feet Jelly, Nabob and Oriental Pickles, Chutnee, and a variety of Sundries and various other new articles too numerous to mention. The above articles and all others to be sold at low prices.

To make more room for the Grocery Trade, we have decided to have a cheap sale of Ironmongery and Crockery, Brushware, Scythes, Sorby's Scythes, complete, 8s. each; and all other Ironmongery and Crockery and Glassware at equally low prices.

F. MEYER & CO.,
IRONMONGERS AND GROCERS,
Ross Place, Lawrence.

P.S.—Our Teas is, as usual, the best quality to be had, from 2s. 6d. to 3s. per pound.

THE PEOPLE'S TIMBER YARD,
ROSS PLACE, LAWRENCE.
"What's in a name? Value's the test.
Sometimes the cheapest, not the best."
ALEXANDER HUMPHREY,
BUILDER, CONTRACTOR, JOINER, &c.,

Wishes respectfully to thank the inhabitants of Lawrence and vicinity for the very liberal patronage accorded to him in the past, and to assure them that nothing will be wanting on his part to merit a considerable increase of past favors.

WANTED Known, that Building Material of every description, and of the best quality, is kept in stock; also white pine lining and flooring and galvanised roofing iron, in quantity and quality.

WANTED Known, that A. Humphrey will build Shops and Dwellinghouses of every style and description, from the plain cottage to the more elaborate detached villa, drawing and design "Victorian Gothic," to the bold, stately castle, and magnificent mansions and villas for the "nobs" and capitalists who rule this mighty empire, of which Lawrence forms a most important part.
